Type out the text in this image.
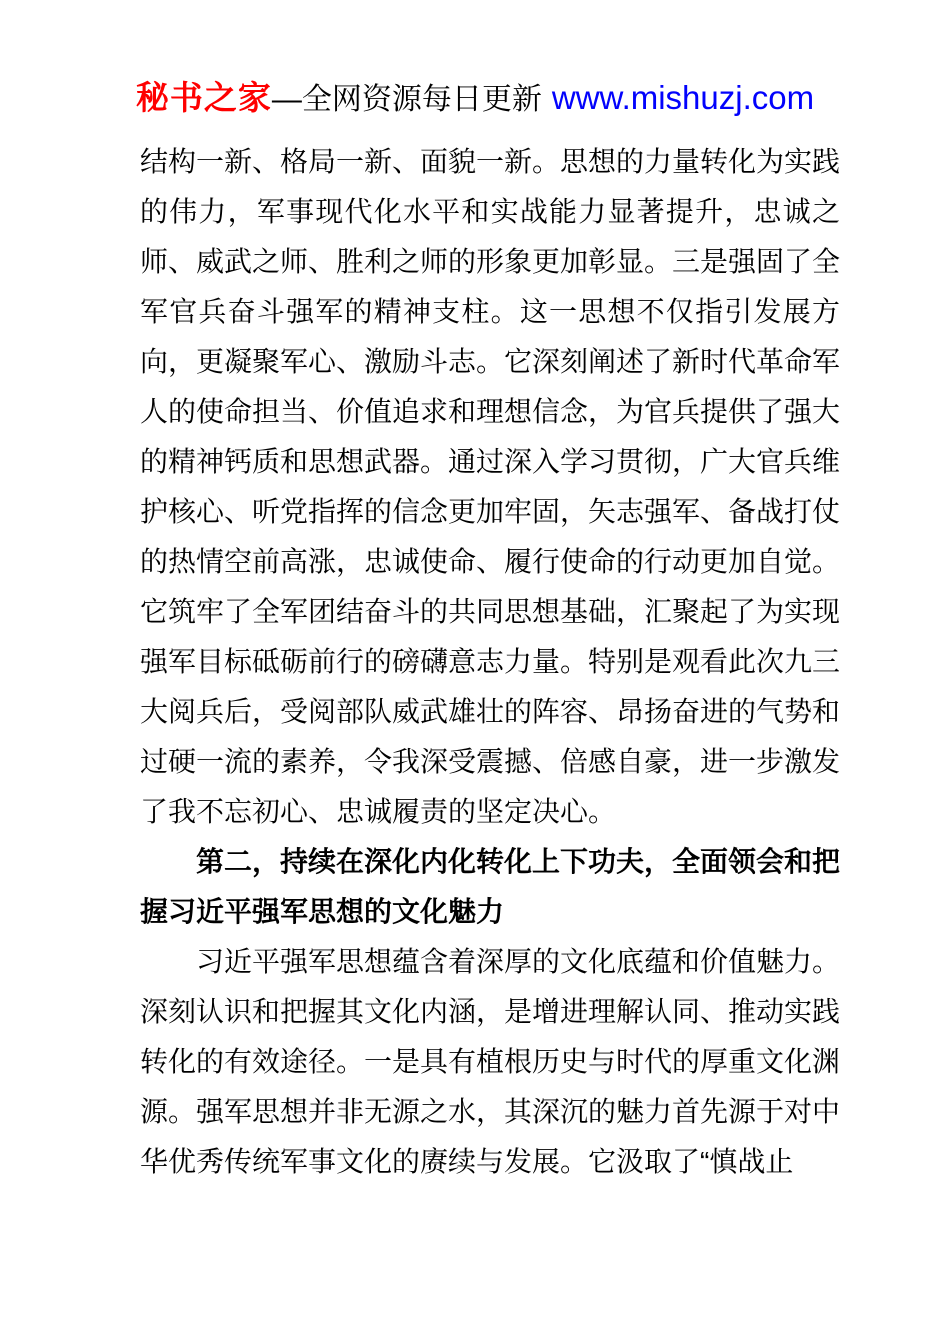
秘书之家—全网资源每日更新 www.mishuzj.com

结构一新、格局一新、面貌一新。思想的力量转化为实践的伟力，军事现代化水平和实战能力显著提升，忠诚之师、威武之师、胜利之师的形象更加彰显。三是强固了全军官兵奋斗强军的精神支柱。这一思想不仅指引发展方向，更凝聚军心、激励斗志。它深刻阐述了新时代革命军人的使命担当、价值追求和理想信念，为官兵提供了强大的精神钙质和思想武器。通过深入学习贯彻，广大官兵维护核心、听党指挥的信念更加牢固，矢志强军、备战打仗的热情空前高涨，忠诚使命、履行使命的行动更加自觉。它筑牢了全军团结奋斗的共同思想基础，汇聚起了为实现强军目标砥砺前行的磅礴意志力量。特别是观看此次九三大阅兵后，受阅部队威武雄壮的阵容、昂扬奋进的气势和过硬一流的素养，令我深受震撼、倍感自豪，进一步激发了我不忘初心、忠诚履责的坚定决心。

第二，持续在深化内化转化上下功夫，全面领会和把握习近平强军思想的文化魅力

习近平强军思想蕴含着深厚的文化底蕴和价值魅力。深刻认识和把握其文化内涵，是增进理解认同、推动实践转化的有效途径。一是具有植根历史与时代的厚重文化渊源。强军思想并非无源之水，其深沉的魅力首先源于对中华优秀传统军事文化的赓续与发展。它汲取了“慎战止
